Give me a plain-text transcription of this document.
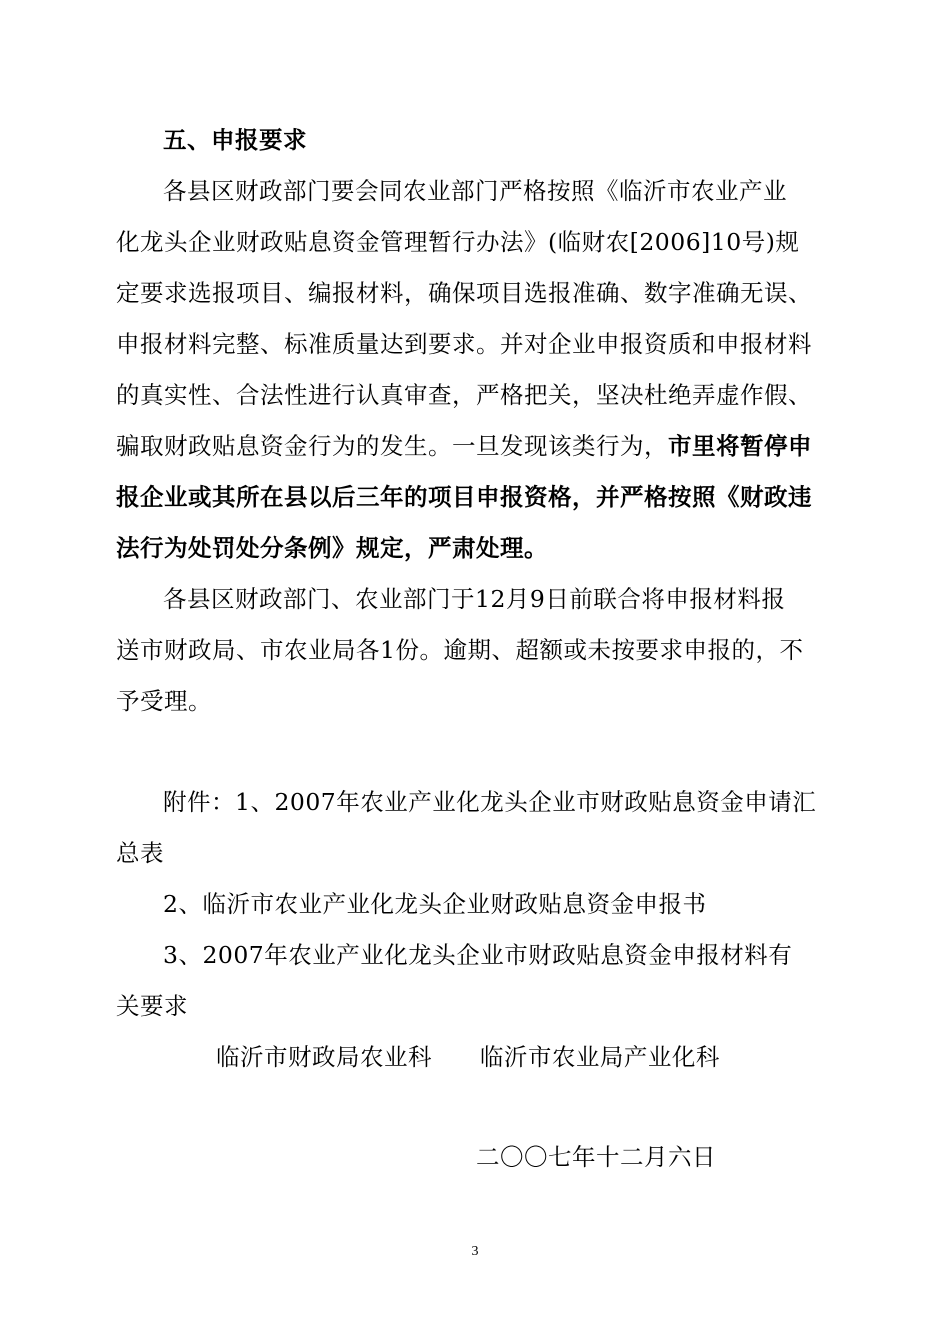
五、申报要求
各县区财政部门要会同农业部门严格按照《临沂市农业产业
化龙头企业财政贴息资金管理暂行办法》(临财农[2006]10号)规
定要求选报项目、编报材料，确保项目选报准确、数字准确无误、
申报材料完整、标准质量达到要求。并对企业申报资质和申报材料
的真实性、合法性进行认真审查，严格把关，坚决杜绝弄虚作假、
骗取财政贴息资金行为的发生。一旦发现该类行为，市里将暂停申
报企业或其所在县以后三年的项目申报资格，并严格按照《财政违
法行为处罚处分条例》规定，严肃处理。
各县区财政部门、农业部门于12月9日前联合将申报材料报
送市财政局、市农业局各1份。逾期、超额或未按要求申报的，不
予受理。
附件：1、2007年农业产业化龙头企业市财政贴息资金申请汇
总表
2、临沂市农业产业化龙头企业财政贴息资金申报书
3、2007年农业产业化龙头企业市财政贴息资金申报材料有
关要求
临沂市财政局农业科      临沂市农业局产业化科
二〇〇七年十二月六日
3
